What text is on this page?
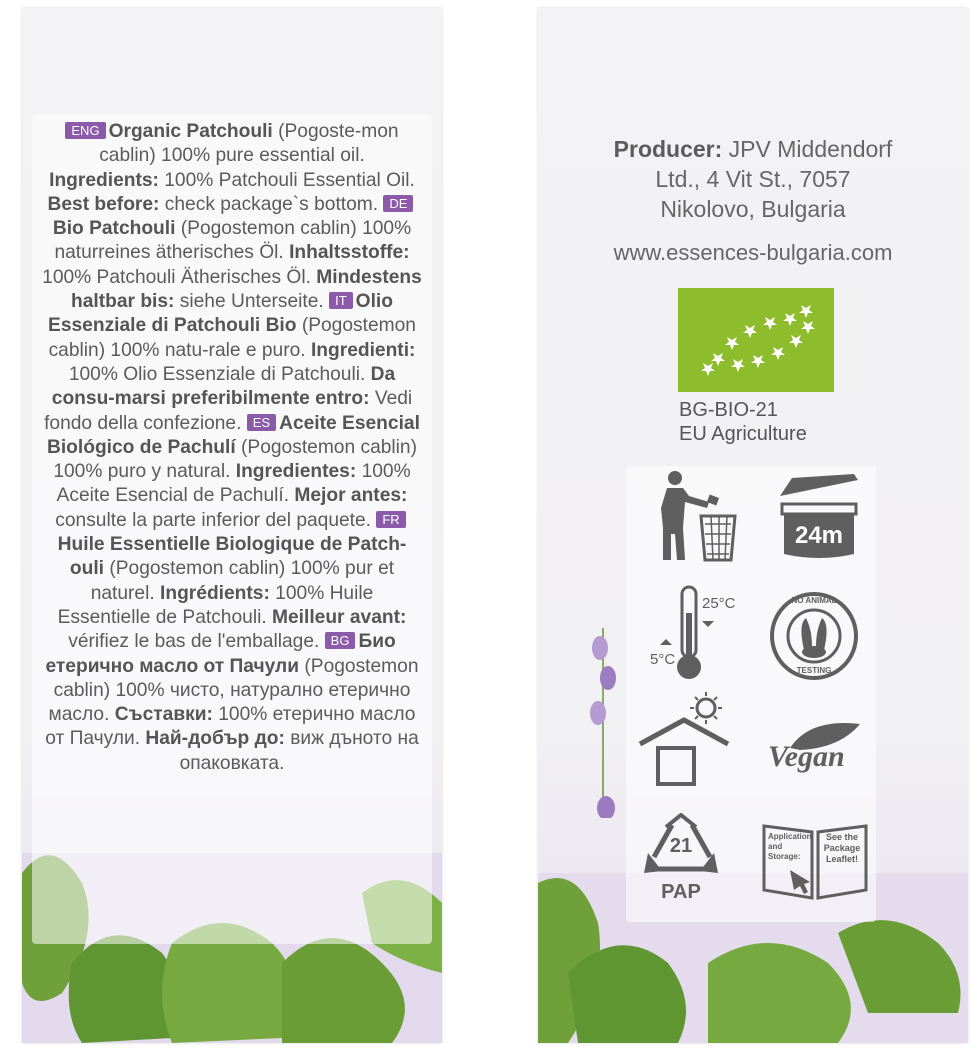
ENG Organic Patchouli (Pogoste-mon cablin) 100% pure essential oil. Ingredients: 100% Patchouli Essential Oil. Best before: check package`s bottom. DEBio Patchouli (Pogostemon cablin) 100% naturreines ätherisches Öl. Inhaltsstoffe: 100% Patchouli Ätherisches Öl. Mindestens haltbar bis: siehe Unterseite. IT Olio Essenziale di Patchouli Bio (Pogostemon cablin) 100% natu-rale e puro. Ingredienti: 100% Olio Essenziale di Patchouli. Da consu-marsi preferibilmente entro: Vedi fondo della confezione. ES Aceite Esencial Biológico de Pachulí (Pogostemon cablin) 100% puro y natural. Ingredientes: 100% Aceite Esencial de Pachulí. Mejor antes: consulte la parte inferior del paquete. FRHuile Essentielle Biologique de Patch-ouli (Pogostemon cablin) 100% pur et naturel. Ingrédients: 100% Huile Essentielle de Patchouli. Meilleur avant: vérifiez le bas de l'emballage. BG Био етерично масло от Пачули (Pogostemon cablin) 100% чисто, натурално етерично масло. Съставки: 100% етерично масло от Пачули. Най-добър до: виж дъното на опаковката.
Producer: JPV Middendorf
Ltd., 4 Vit St., 7057
Nikolovo, Bulgaria
www.essences-bulgaria.com
BG-BIO-21
EU Agriculture
24m
25°C
5°C
NO ANIMAL
TESTING
Vegan
21
PAP
Application and Storage:
See the Package Leaflet!
